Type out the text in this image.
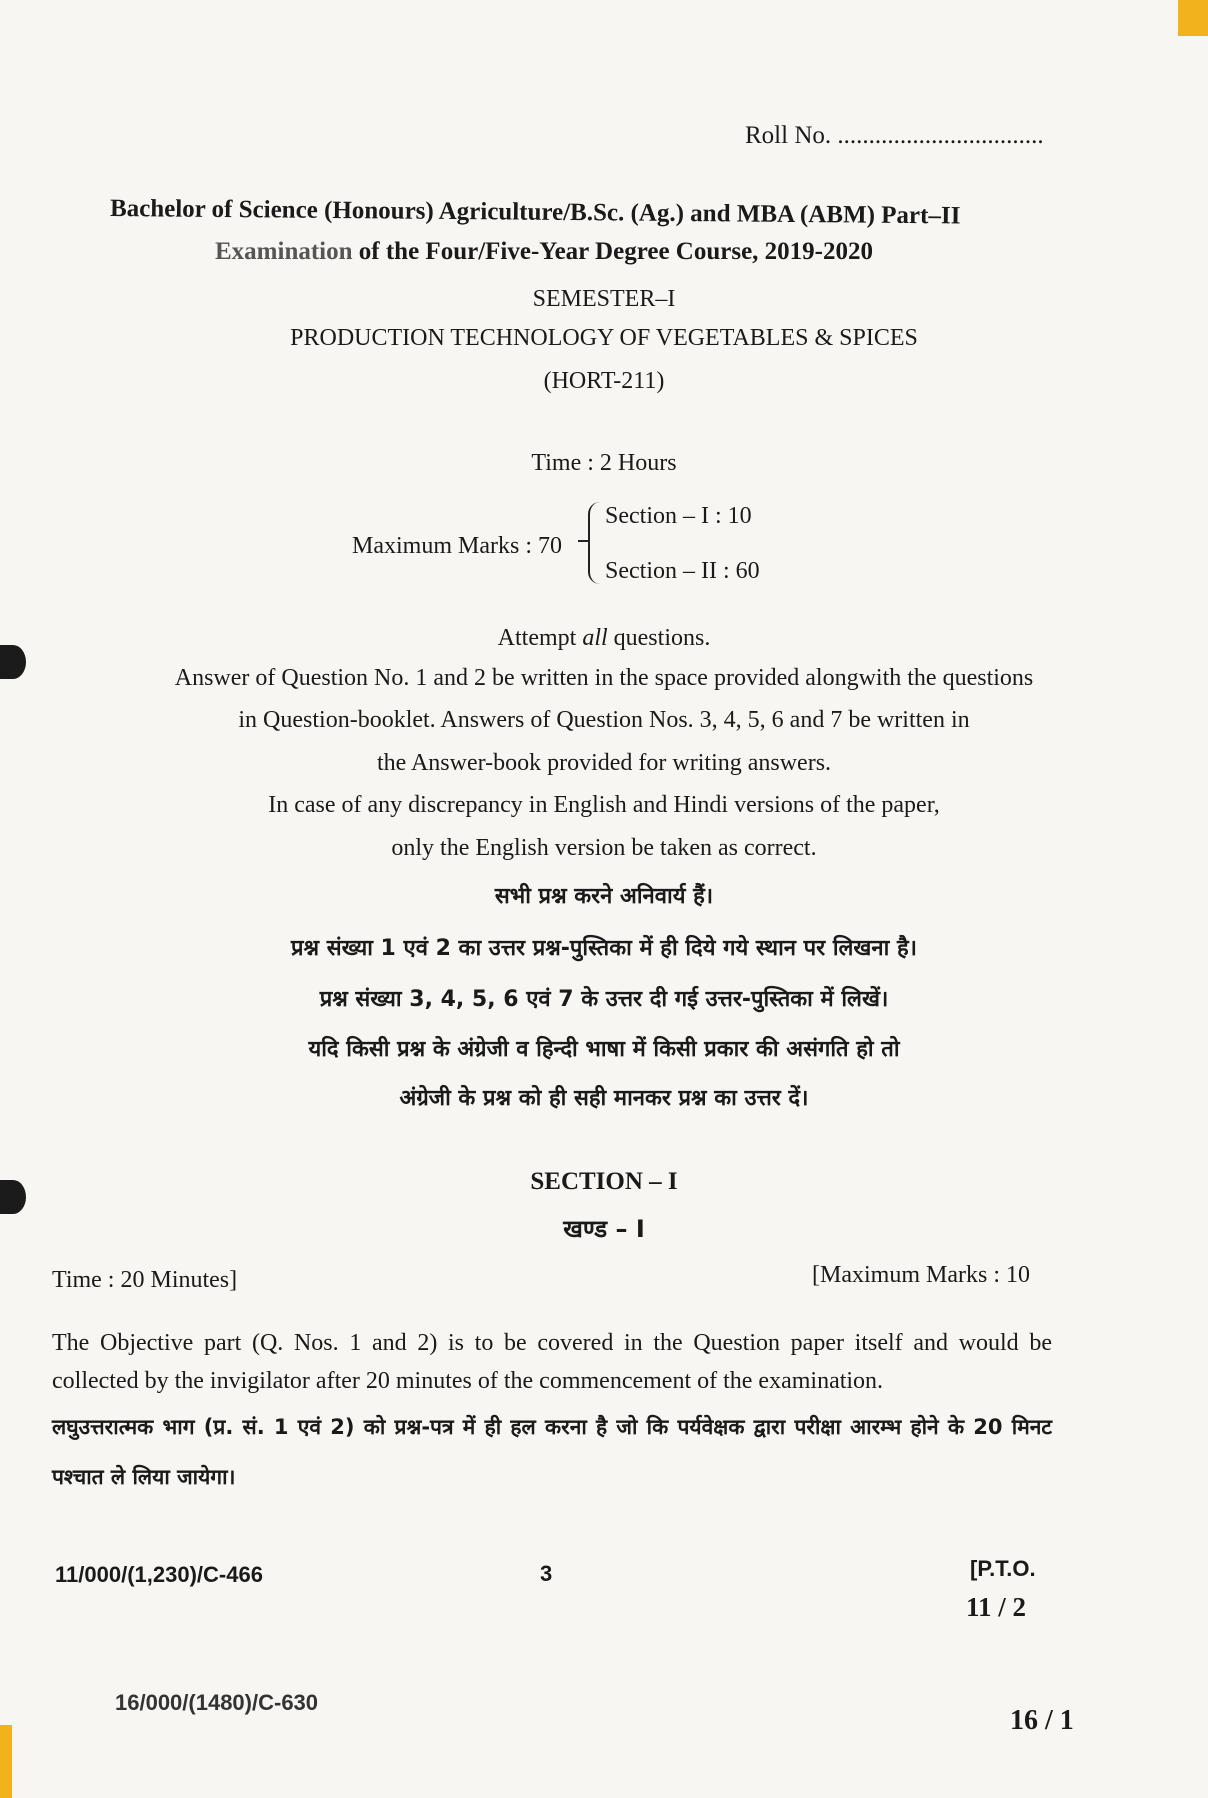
Roll No. .................................
Bachelor of Science (Honours) Agriculture/B.Sc. (Ag.) and MBA (ABM) Part–II
Examination of the Four/Five-Year Degree Course, 2019-2020
SEMESTER–I
PRODUCTION TECHNOLOGY OF VEGETABLES & SPICES
(HORT-211)
Time : 2 Hours
Maximum Marks : 70
Section – I : 10
Section – II : 60
Attempt all questions.
Answer of Question No. 1 and 2 be written in the space provided alongwith the questions
in Question-booklet. Answers of Question Nos. 3, 4, 5, 6 and 7 be written in
the Answer-book provided for writing answers.
In case of any discrepancy in English and Hindi versions of the paper,
only the English version be taken as correct.
सभी प्रश्न करने अनिवार्य हैं।
प्रश्न संख्या 1 एवं 2 का उत्तर प्रश्न-पुस्तिका में ही दिये गये स्थान पर लिखना है।
प्रश्न संख्या 3, 4, 5, 6 एवं 7 के उत्तर दी गई उत्तर-पुस्तिका में लिखें।
यदि किसी प्रश्न के अंग्रेजी व हिन्दी भाषा में किसी प्रकार की असंगति हो तो
अंग्रेजी के प्रश्न को ही सही मानकर प्रश्न का उत्तर दें।
SECTION – I
खण्ड – I
Time : 20 Minutes]	[Maximum Marks : 10
The Objective part (Q. Nos. 1 and 2) is to be covered in the Question paper itself and would be collected by the invigilator after 20 minutes of the commencement of the examination.
लघुउत्तरात्मक भाग (प्र. सं. 1 एवं 2) को प्रश्न-पत्र में ही हल करना है जो कि पर्यवेक्षक द्वारा परीक्षा आरम्भ होने के 20 मिनट पश्चात ले लिया जायेगा।
11/000/(1,230)/C-466	3	[P.T.O.
11 / 2
16/000/(1480)/C-630
16 / 1
